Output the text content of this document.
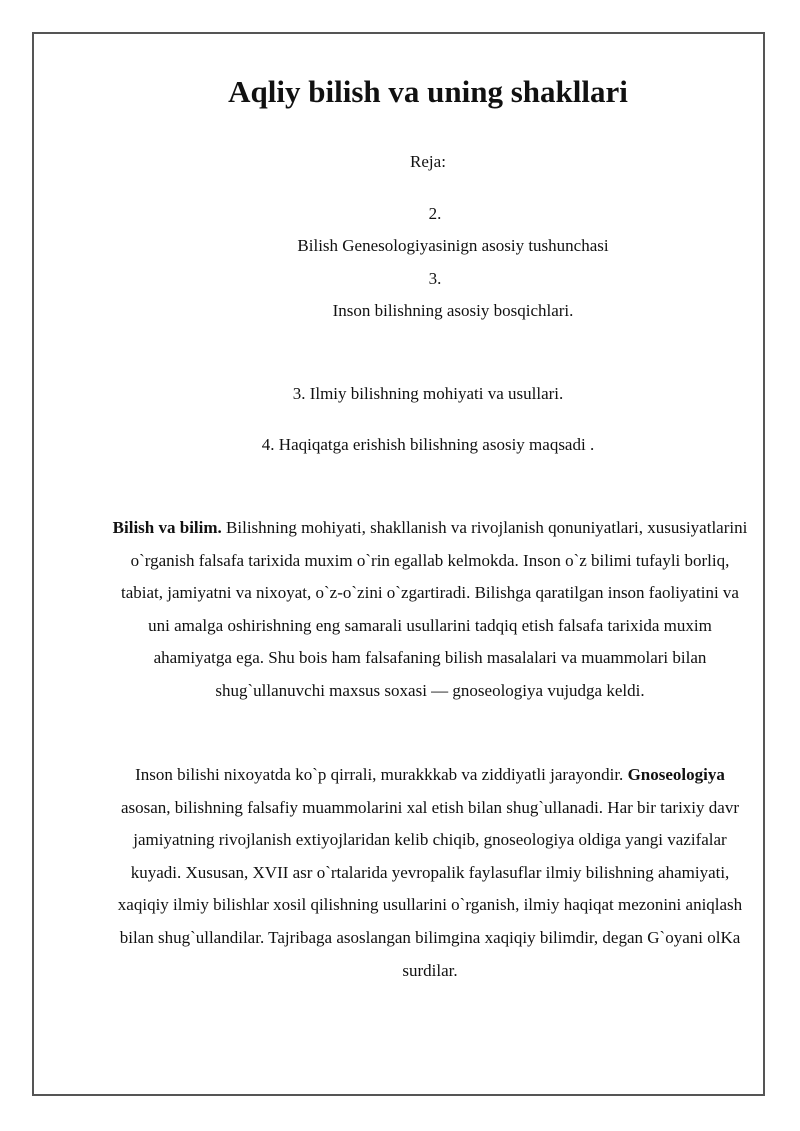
Aqliy bilish va uning shakllari
Reja:
2.
Bilish Genesologiyasinign asosiy tushunchasi
3.
Inson bilishning asosiy bosqichlari.
3. Ilmiy bilishning mohiyati va usullari.
4. Haqiqatga erishish bilishning asosiy maqsadi .

Bilish va bilim. Bilishning mohiyati, shakllanish va rivojlanish qonuniyatlari, xususiyatlarini o`rganish falsafa tarixida muxim o`rin egallab kelmokda. Inson o`z bilimi tufayli borliq, tabiat, jamiyatni va nixoyat, o`z-o`zini o`zgartiradi. Bilishga qaratilgan inson faoliyatini va uni amalga oshirishning eng samarali usullarini tadqiq etish falsafa tarixida muxim ahamiyatga ega. Shu bois ham falsafaning bilish masalalari va muammolari bilan shug`ullanuvchi maxsus soxasi — gnoseologiya vujudga keldi.

Inson bilishi nixoyatda ko`p qirrali, murakkkab va ziddiyatli jarayondir. Gnoseologiya asosan, bilishning falsafiy muammolarini xal etish bilan shug`ullanadi. Har bir tarixiy davr jamiyatning rivojlanish extiyojlaridan kelib chiqib, gnoseologiya oldiga yangi vazifalar kuyadi. Xususan, XVII asr o`rtalarida yevropalik faylasuflar ilmiy bilishning ahamiyati, xaqiqiy ilmiy bilishlar xosil qilishning usullarini o`rganish, ilmiy haqiqat mezonini aniqlash bilan shug`ullandilar. Tajribaga asoslangan bilimgina xaqiqiy bilimdir, degan G`oyani olKa surdilar.
